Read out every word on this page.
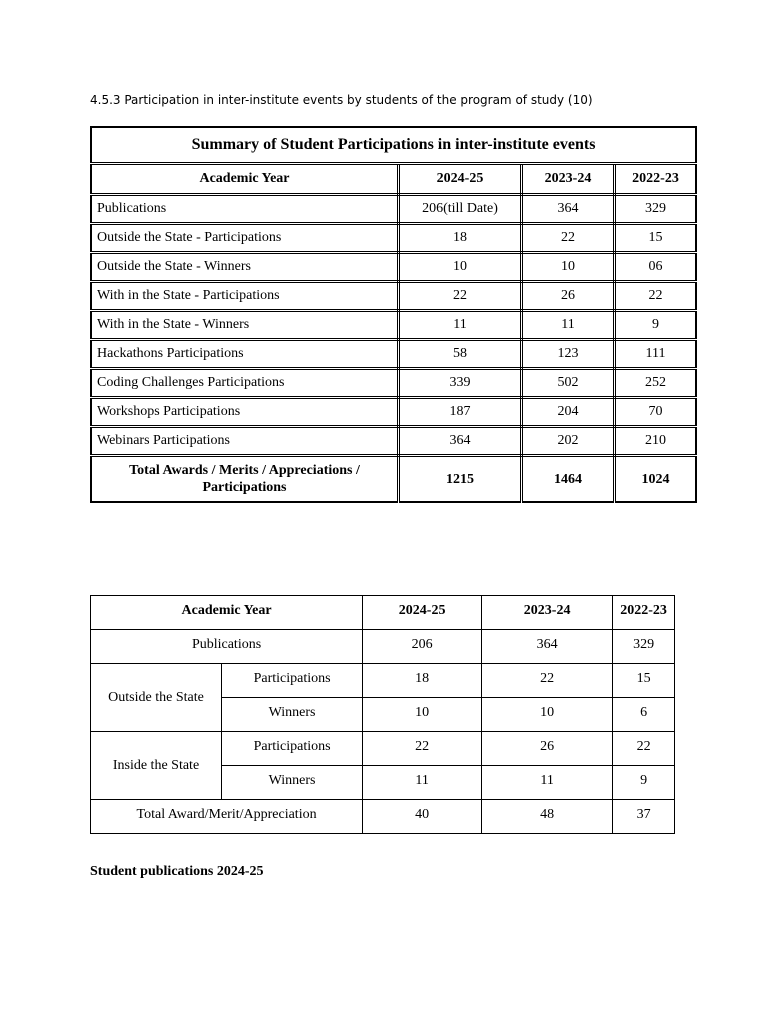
4.5.3 Participation in inter-institute events by students of the program of study (10)
Summary of Student Participations in inter-institute events			
Academic Year	2024-25	2023-24	2022-23
Publications	206(till Date)	364	329
Outside the State - Participations	18	22	15
Outside the State - Winners	10	10	06
With in the State - Participations	22	26	22
With in the State - Winners	11	11	9
Hackathons Participations	58	123	111
Coding Challenges Participations	339	502	252
Workshops Participations	187	204	70
Webinars Participations	364	202	210
Total Awards / Merits / Appreciations / Participations	1215	1464	1024
Academic Year		2024-25	2023-24	2022-23
Publications		206	364	329
Outside the State	Participations	18	22	15
	Winners	10	10	6
Inside the State	Participations	22	26	22
	Winners	11	11	9
Total Award/Merit/Appreciation		40	48	37
Student publications 2024-25
